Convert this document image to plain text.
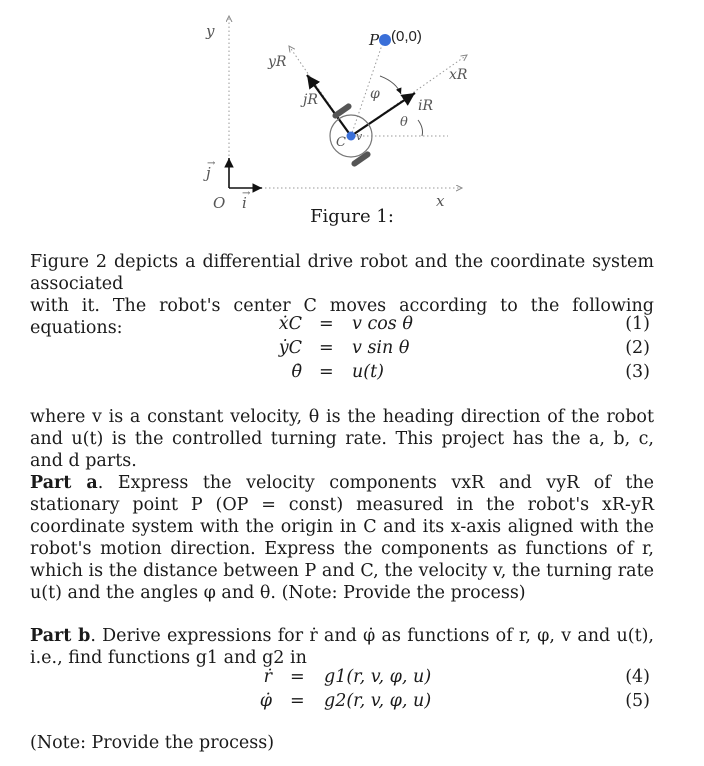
y
x
O
j
i
→
→
yR
xR
jR	iR
φ
θ
C v
P (0,0)
Figure 1:
Figure 2 depicts a differential drive robot and the coordinate system associated
with it. The robot's center C moves according to the following equations:	ẋC = v cos θ	(1)
ẏC = v sin θ	(2)
θ̇ = u(t)	(3)
where v is a constant velocity, θ is the heading direction of the robot and u(t) is the controlled turning rate. This project has the a, b, c, and d parts.
Part a. Express the velocity components vxR and vyR of the stationary point P (OP = const) measured in the robot's xR-yR coordinate system with the origin in C and its x-axis aligned with the robot's motion direction. Express the components as functions of r, which is the distance between P and C, the velocity v, the turning rate u(t) and the angles φ and θ. (Note: Provide the process)
Part b. Derive expressions for ṙ and φ̇ as functions of r, φ, v and u(t), i.e., find functions g1 and g2 in
ṙ = g1(r, v, φ, u)	(4)
φ̇ = g2(r, v, φ, u)	(5)
(Note: Provide the process)
